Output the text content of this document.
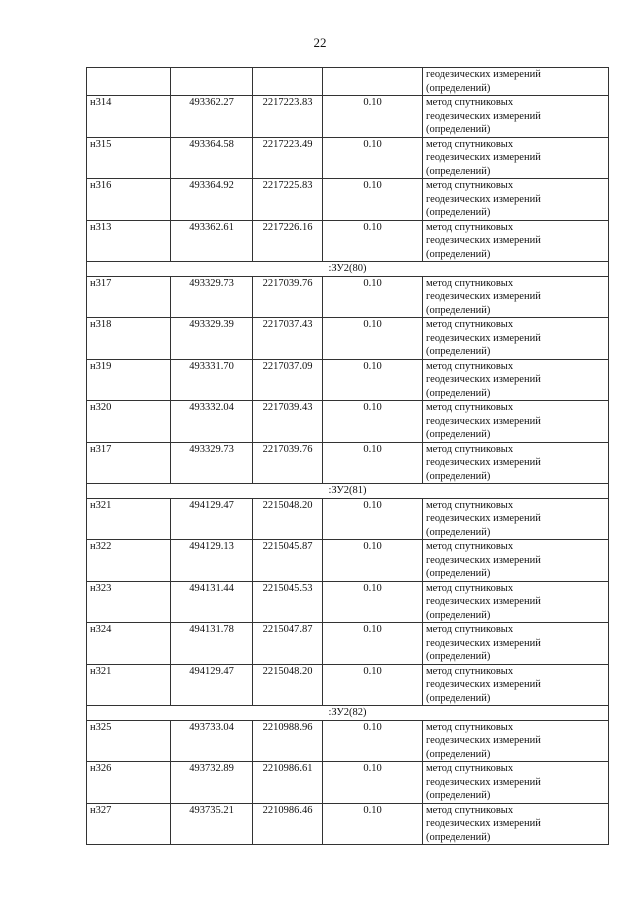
22

				геодезических измерений
(определений)

н314	493362.27	2217223.83	0.10	метод спутниковых
геодезических измерений
(определений)

н315	493364.58	2217223.49	0.10	метод спутниковых
геодезических измерений
(определений)

н316	493364.92	2217225.83	0.10	метод спутниковых
геодезических измерений
(определений)

н313	493362.61	2217226.16	0.10	метод спутниковых
геодезических измерений
(определений)

:ЗУ2(80)				
н317	493329.73	2217039.76	0.10	метод спутниковых
геодезических измерений
(определений)

н318	493329.39	2217037.43	0.10	метод спутниковых
геодезических измерений
(определений)

н319	493331.70	2217037.09	0.10	метод спутниковых
геодезических измерений
(определений)

н320	493332.04	2217039.43	0.10	метод спутниковых
геодезических измерений
(определений)

н317	493329.73	2217039.76	0.10	метод спутниковых
геодезических измерений
(определений)

:ЗУ2(81)				
н321	494129.47	2215048.20	0.10	метод спутниковых
геодезических измерений
(определений)

н322	494129.13	2215045.87	0.10	метод спутниковых
геодезических измерений
(определений)

н323	494131.44	2215045.53	0.10	метод спутниковых
геодезических измерений
(определений)

н324	494131.78	2215047.87	0.10	метод спутниковых
геодезических измерений
(определений)

н321	494129.47	2215048.20	0.10	метод спутниковых
геодезических измерений
(определений)

:ЗУ2(82)				
н325	493733.04	2210988.96	0.10	метод спутниковых
геодезических измерений
(определений)

н326	493732.89	2210986.61	0.10	метод спутниковых
геодезических измерений
(определений)

н327	493735.21	2210986.46	0.10	метод спутниковых
геодезических измерений
(определений)
